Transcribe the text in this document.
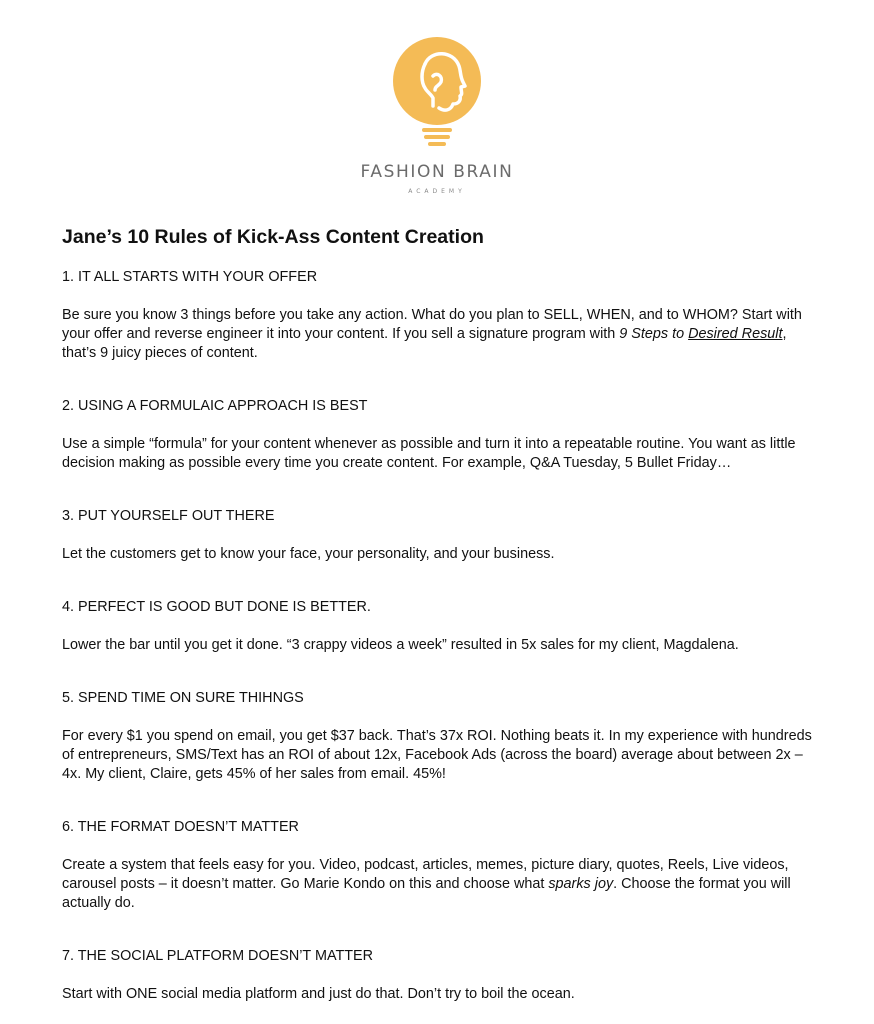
FASHION BRAIN
ACADEMY
Jane’s 10 Rules of Kick-Ass Content Creation

1. IT ALL STARTS WITH YOUR OFFER

Be sure you know 3 things before you take any action. What do you plan to SELL, WHEN, and to WHOM? Start with your offer and reverse engineer it into your content. If you sell a signature program with 9 Steps to Desired Result, that’s 9 juicy pieces of content.

2. USING A FORMULAIC APPROACH IS BEST

Use a simple “formula” for your content whenever as possible and turn it into a repeatable routine. You want as little decision making as possible every time you create content. For example, Q&A Tuesday, 5 Bullet Friday…

3. PUT YOURSELF OUT THERE

Let the customers get to know your face, your personality, and your business.

4. PERFECT IS GOOD BUT DONE IS BETTER.

Lower the bar until you get it done. “3 crappy videos a week” resulted in 5x sales for my client, Magdalena.

5. SPEND TIME ON SURE THIHNGS

For every $1 you spend on email, you get $37 back. That’s 37x ROI. Nothing beats it. In my experience with hundreds of entrepreneurs, SMS/Text has an ROI of about 12x, Facebook Ads (across the board) average about between 2x – 4x. My client, Claire, gets 45% of her sales from email. 45%!

6. THE FORMAT DOESN’T MATTER

Create a system that feels easy for you. Video, podcast, articles, memes, picture diary, quotes, Reels, Live videos, carousel posts – it doesn’t matter. Go Marie Kondo on this and choose what sparks joy. Choose the format you will actually do.

7. THE SOCIAL PLATFORM DOESN’T MATTER

Start with ONE social media platform and just do that. Don’t try to boil the ocean.
